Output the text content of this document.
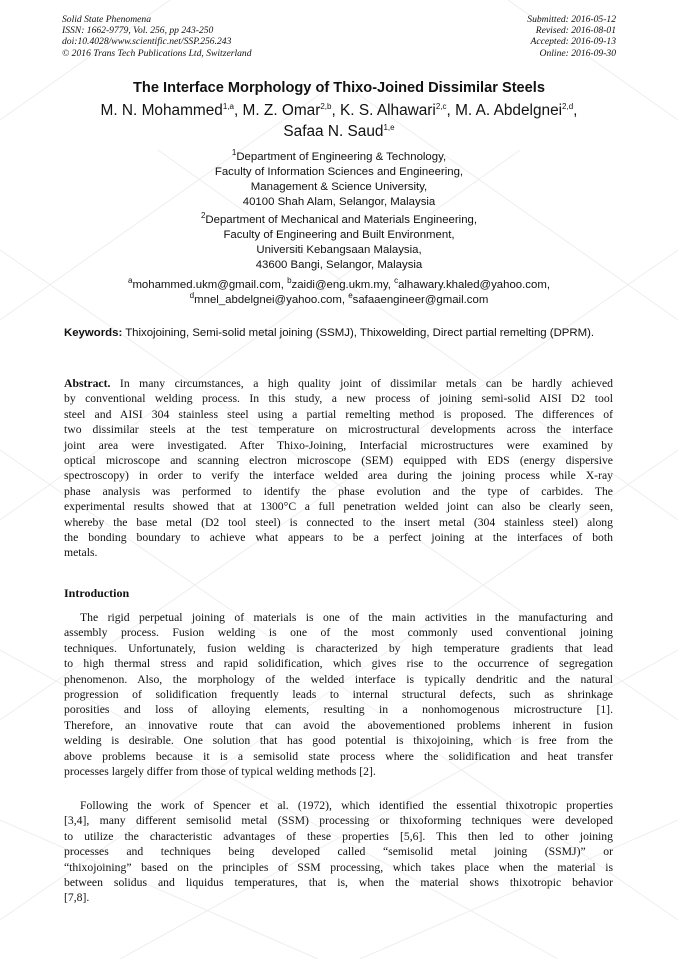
Solid State Phenomena
ISSN: 1662-9779, Vol. 256, pp 243-250
doi:10.4028/www.scientific.net/SSP.256.243
© 2016 Trans Tech Publications Ltd, Switzerland
Submitted: 2016-05-12
Revised: 2016-08-01
Accepted: 2016-09-13
Online: 2016-09-30
The Interface Morphology of Thixo-Joined Dissimilar Steels
M. N. Mohammed$^{1,a}$, M. Z. Omar$^{2,b}$, K. S. Alhawari$^{2,c}$, M. A. Abdelgnei$^{2,d}$,
Safaa N. Saud$^{1,e}$
$^1$Department of Engineering & Technology,
Faculty of Information Sciences and Engineering,
Management & Science University,
40100 Shah Alam, Selangor, Malaysia
$^2$Department of Mechanical and Materials Engineering,
Faculty of Engineering and Built Environment,
Universiti Kebangsaan Malaysia,
43600 Bangi, Selangor, Malaysia
$^a$mohammed.ukm@gmail.com, $^b$zaidi@eng.ukm.my, $^c$alhawary.khaled@yahoo.com,
$^d$mnel_abdelgnei@yahoo.com, $^e$safaaengineer@gmail.com
Keywords: Thixojoining, Semi-solid metal joining (SSMJ), Thixowelding, Direct partial remelting (DPRM).
Abstract. In many circumstances, a high quality joint of dissimilar metals can be hardly achieved
by conventional welding process. In this study, a new process of joining semi-solid AISI D2 tool
steel and AISI 304 stainless steel using a partial remelting method is proposed. The differences of
two dissimilar steels at the test temperature on microstructural developments across the interface
joint area were investigated. After Thixo-Joining, Interfacial microstructures were examined by
optical microscope and scanning electron microscope (SEM) equipped with EDS (energy dispersive
spectroscopy) in order to verify the interface welded area during the joining process while X-ray
phase analysis was performed to identify the phase evolution and the type of carbides. The
experimental results showed that at 1300°C a full penetration welded joint can also be clearly seen,
whereby the base metal (D2 tool steel) is connected to the insert metal (304 stainless steel) along
the bonding boundary to achieve what appears to be a perfect joining at the interfaces of both
metals.
Introduction
The rigid perpetual joining of materials is one of the main activities in the manufacturing and
assembly process. Fusion welding is one of the most commonly used conventional joining
techniques. Unfortunately, fusion welding is characterized by high temperature gradients that lead
to high thermal stress and rapid solidification, which gives rise to the occurrence of segregation
phenomenon. Also, the morphology of the welded interface is typically dendritic and the natural
progression of solidification frequently leads to internal structural defects, such as shrinkage
porosities and loss of alloying elements, resulting in a nonhomogenous microstructure [1].
Therefore, an innovative route that can avoid the abovementioned problems inherent in fusion
welding is desirable. One solution that has good potential is thixojoining, which is free from the
above problems because it is a semisolid state process where the solidification and heat transfer
processes largely differ from those of typical welding methods [2].
Following the work of Spencer et al. (1972), which identified the essential thixotropic properties
[3,4], many different semisolid metal (SSM) processing or thixoforming techniques were developed
to utilize the characteristic advantages of these properties [5,6]. This then led to other joining
processes and techniques being developed called “semisolid metal joining (SSMJ)” or
“thixojoining” based on the principles of SSM processing, which takes place when the material is
between solidus and liquidus temperatures, that is, when the material shows thixotropic behavior
[7,8].
